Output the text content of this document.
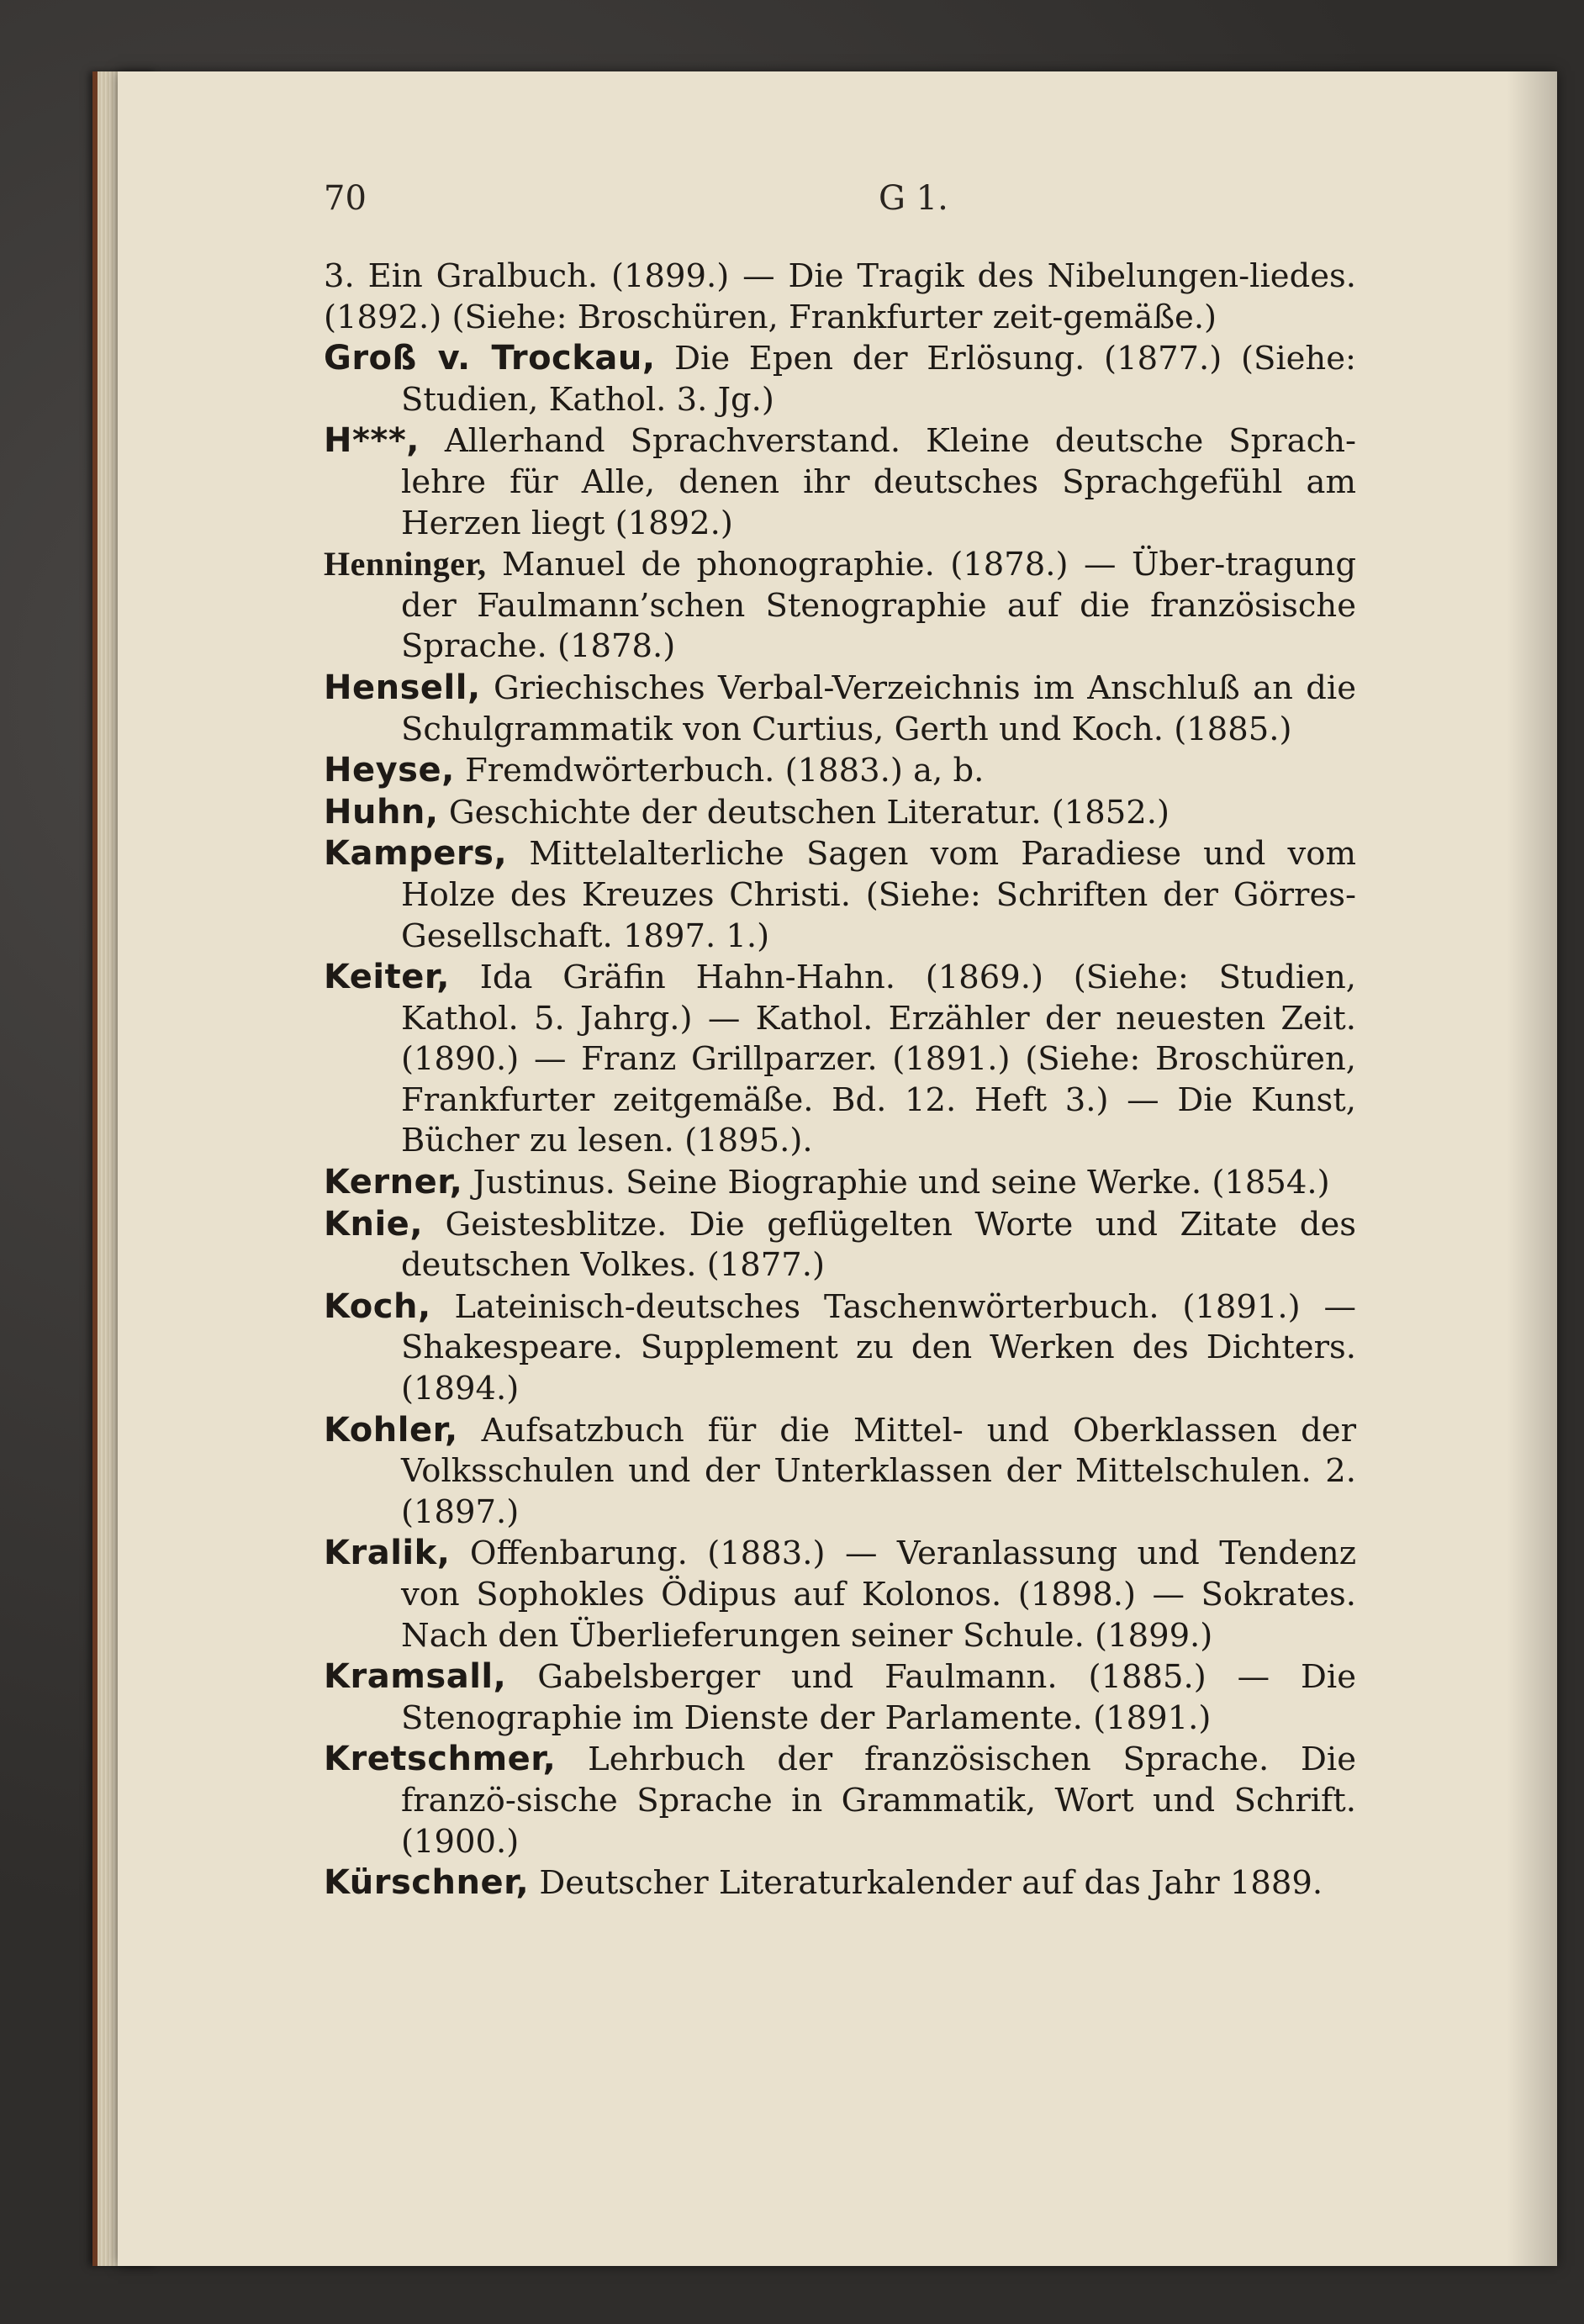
70	G 1.

3. Ein Gralbuch. (1899.) — Die Tragik des Nibelungen-liedes. (1892.) (Siehe: Broschüren, Frankfurter zeit-gemäße.)

Groß v. Trockau, Die Epen der Erlösung. (1877.) (Siehe: Studien, Kathol. 3. Jg.)

H***, Allerhand Sprachverstand. Kleine deutsche Sprach-lehre für Alle, denen ihr deutsches Sprachgefühl am Herzen liegt (1892.)

Henninger, Manuel de phonographie. (1878.) — Über-tragung der Faulmann’schen Stenographie auf die französische Sprache. (1878.)

Hensell, Griechisches Verbal-Verzeichnis im Anschluß an die Schulgrammatik von Curtius, Gerth und Koch. (1885.)

Heyse, Fremdwörterbuch. (1883.) a, b.

Huhn, Geschichte der deutschen Literatur. (1852.)

Kampers, Mittelalterliche Sagen vom Paradiese und vom Holze des Kreuzes Christi. (Siehe: Schriften der Görres-Gesellschaft. 1897. 1.)

Keiter, Ida Gräfin Hahn-Hahn. (1869.) (Siehe: Studien, Kathol. 5. Jahrg.) — Kathol. Erzähler der neuesten Zeit. (1890.) — Franz Grillparzer. (1891.) (Siehe: Broschüren, Frankfurter zeitgemäße. Bd. 12. Heft 3.) — Die Kunst, Bücher zu lesen. (1895.).

Kerner, Justinus. Seine Biographie und seine Werke. (1854.)

Knie, Geistesblitze. Die geflügelten Worte und Zitate des deutschen Volkes. (1877.)

Koch, Lateinisch-deutsches Taschenwörterbuch. (1891.) — Shakespeare. Supplement zu den Werken des Dichters. (1894.)

Kohler, Aufsatzbuch für die Mittel- und Oberklassen der Volksschulen und der Unterklassen der Mittelschulen. 2. (1897.)

Kralik, Offenbarung. (1883.) — Veranlassung und Tendenz von Sophokles Ödipus auf Kolonos. (1898.) — Sokrates. Nach den Überlieferungen seiner Schule. (1899.)

Kramsall, Gabelsberger und Faulmann. (1885.) — Die Stenographie im Dienste der Parlamente. (1891.)

Kretschmer, Lehrbuch der französischen Sprache. Die franzö-sische Sprache in Grammatik, Wort und Schrift. (1900.)

Kürschner, Deutscher Literaturkalender auf das Jahr 1889.
